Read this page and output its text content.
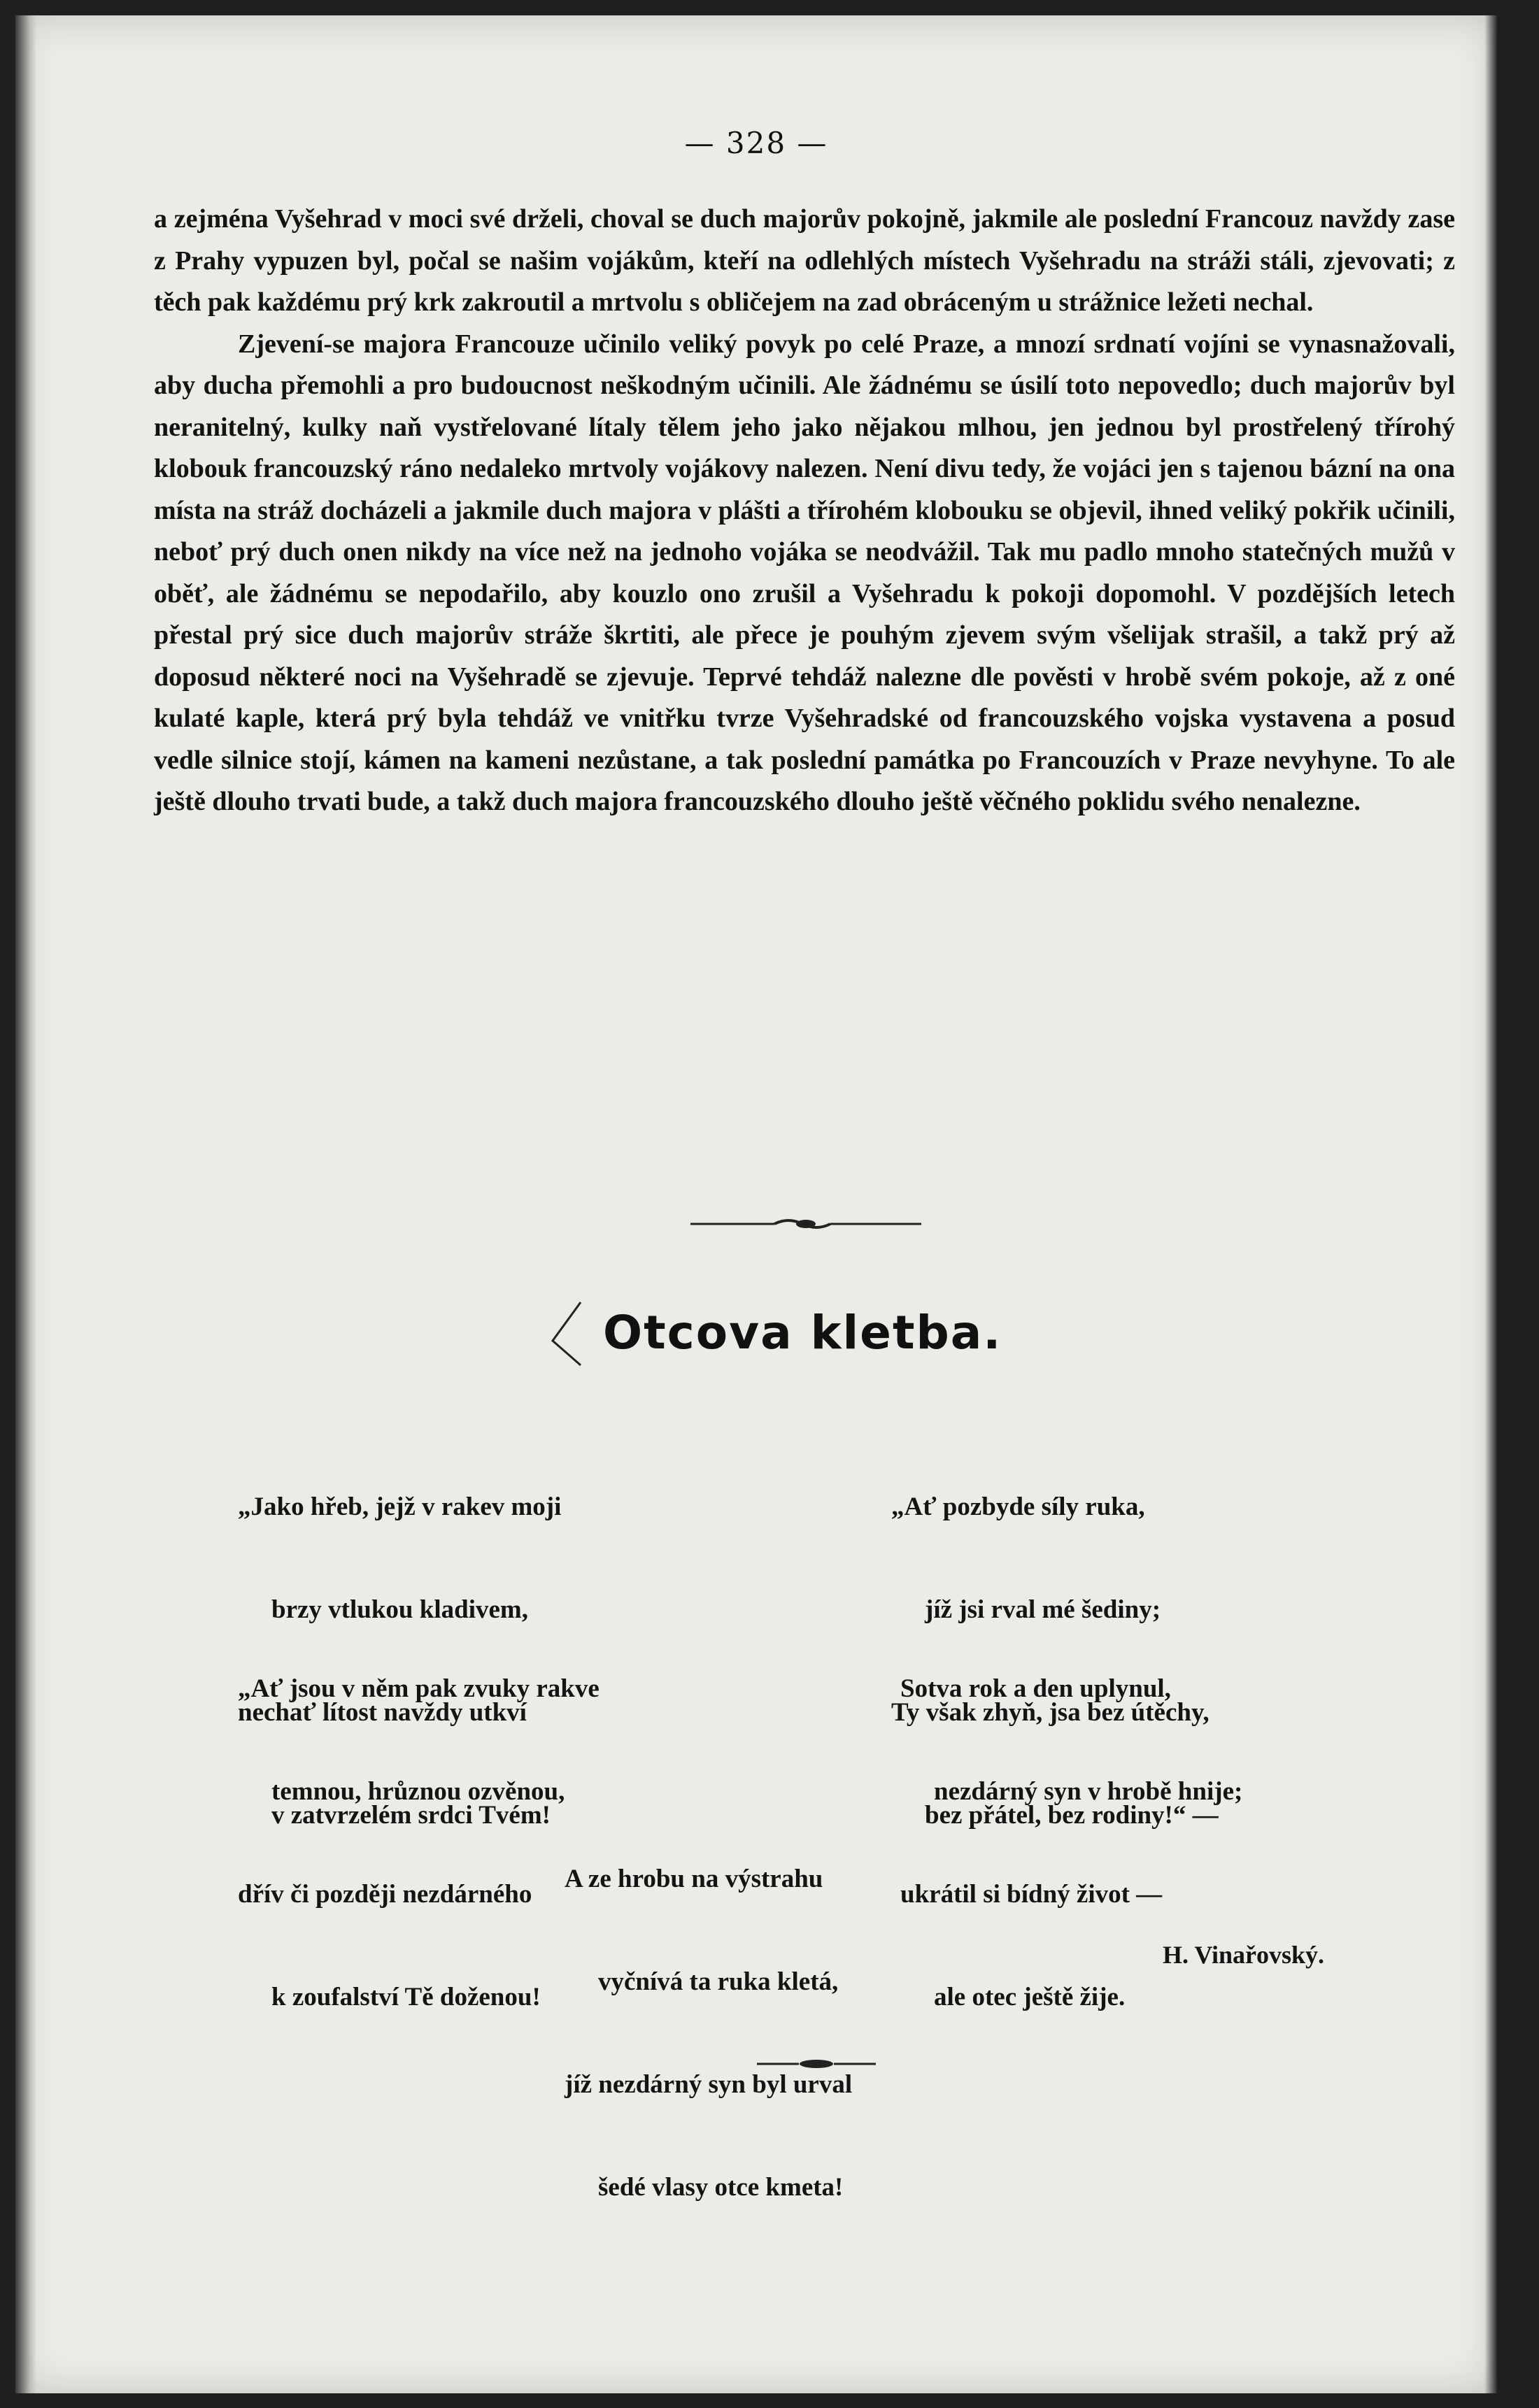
— 328 —

a zejména Vyšehrad v moci své drželi, choval se duch majorův pokojně, jakmile ale poslední Francouz navždy zase z Prahy vypuzen byl, počal se našim vojákům, kteří na odlehlých místech Vyšehradu na stráži stáli, zjevovati; z těch pak každému prý krk zakroutil a mrtvolu s obličejem na zad obráceným u strážnice ležeti nechal.

Zjevení-se majora Francouze učinilo veliký povyk po celé Praze, a mnozí srdnatí vojíni se vynasnažovali, aby ducha přemohli a pro budoucnost neškodným učinili. Ale žádnému se úsilí toto nepovedlo; duch majorův byl neranitelný, kulky naň vystřelované lítaly tělem jeho jako nějakou mlhou, jen jednou byl prostřelený třírohý klobouk francouzský ráno nedaleko mrtvoly vojákovy nalezen. Není divu tedy, že vojáci jen s tajenou bázní na ona místa na stráž docházeli a jakmile duch majora v plášti a třírohém klobouku se objevil, ihned veliký pokřik učinili, neboť prý duch onen nikdy na více než na jednoho vojáka se neodvážil. Tak mu padlo mnoho statečných mužů v oběť, ale žádnému se nepodařilo, aby kouzlo ono zrušil a Vyšehradu k pokoji dopomohl. V pozdějších letech přestal prý sice duch majorův stráže škrtiti, ale přece je pouhým zjevem svým všelijak strašil, a takž prý až doposud některé noci na Vyšehradě se zjevuje. Teprvé tehdáž nalezne dle pověsti v hrobě svém pokoje, až z oné kulaté kaple, která prý byla tehdáž ve vnitřku tvrze Vyšehradské od francouzského vojska vystavena a posud vedle silnice stojí, kámen na kameni nezůstane, a tak poslední památka po Francouzích v Praze nevyhyne. To ale ještě dlouho trvati bude, a takž duch majora francouzského dlouho ještě věčného poklidu svého nenalezne.

Otcova kletba.

„Jako hřeb, jejž v rakev moji

brzy vtlukou kladivem,

nechať lítost navždy utkví

v zatvrzelém srdci Tvém!

„Ať pozbyde síly ruka,

jíž jsi rval mé šediny;

Ty však zhyň, jsa bez útěchy,

bez přátel, bez rodiny!“ —

„Ať jsou v něm pak zvuky rakve

temnou, hrůznou ozvěnou,

dřív či později nezdárného

k zoufalství Tě doženou!

Sotva rok a den uplynul,

nezdárný syn v hrobě hnije;

ukrátil si bídný život —

ale otec ještě žije.

A ze hrobu na výstrahu

vyčnívá ta ruka kletá,

jíž nezdárný syn byl urval

šedé vlasy otce kmeta!

H. Vinařovský.
